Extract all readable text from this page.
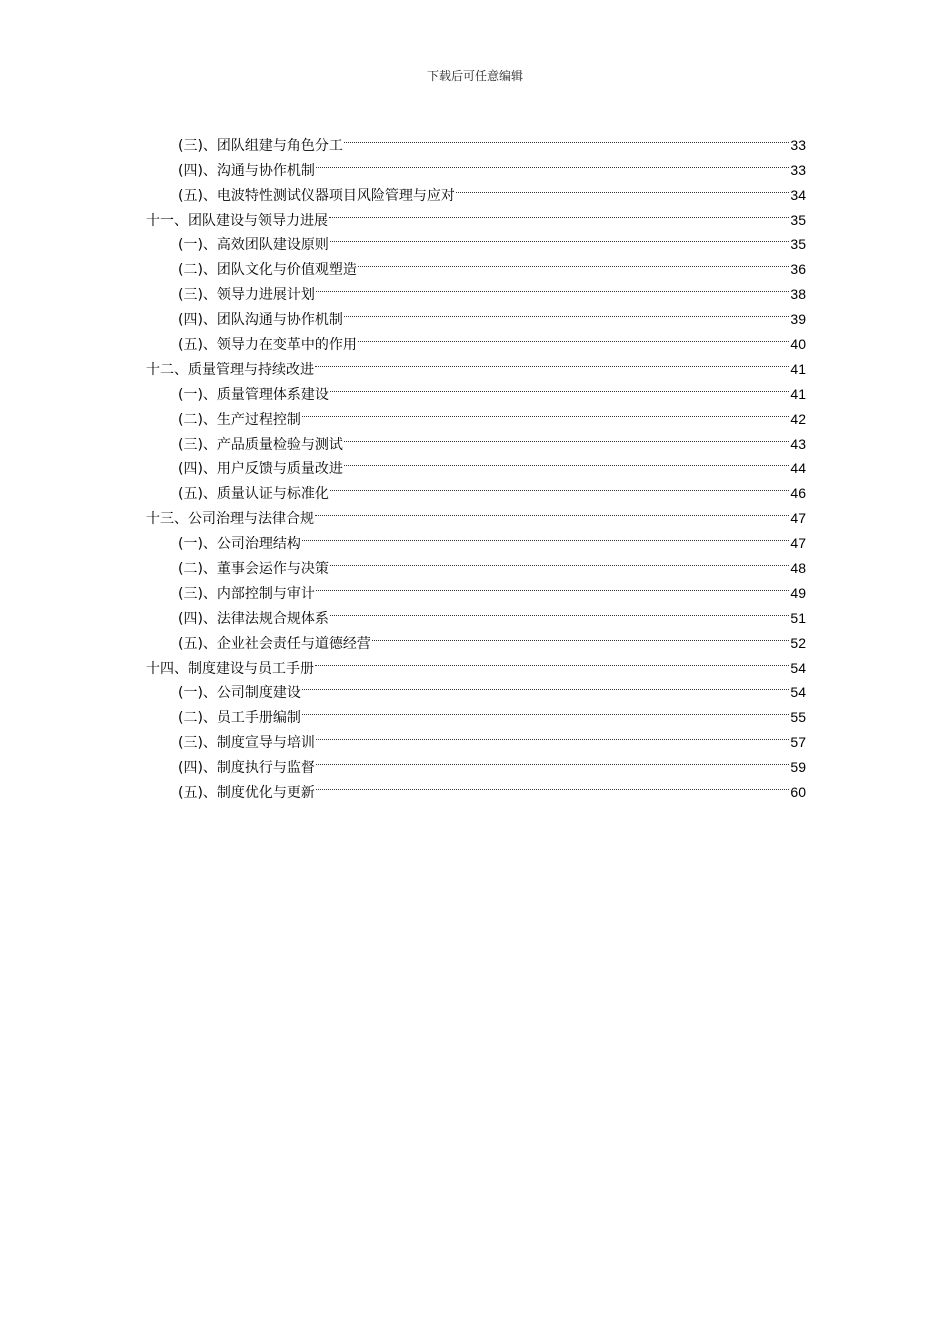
下载后可任意编辑
(三)、团队组建与角色分工	33
(四)、沟通与协作机制	33
(五)、电波特性测试仪器项目风险管理与应对	34
十一、团队建设与领导力进展	35
(一)、高效团队建设原则	35
(二)、团队文化与价值观塑造	36
(三)、领导力进展计划	38
(四)、团队沟通与协作机制	39
(五)、领导力在变革中的作用	40
十二、质量管理与持续改进	41
(一)、质量管理体系建设	41
(二)、生产过程控制	42
(三)、产品质量检验与测试	43
(四)、用户反馈与质量改进	44
(五)、质量认证与标准化	46
十三、公司治理与法律合规	47
(一)、公司治理结构	47
(二)、董事会运作与决策	48
(三)、内部控制与审计	49
(四)、法律法规合规体系	51
(五)、企业社会责任与道德经营	52
十四、制度建设与员工手册	54
(一)、公司制度建设	54
(二)、员工手册编制	55
(三)、制度宣导与培训	57
(四)、制度执行与监督	59
(五)、制度优化与更新	60
